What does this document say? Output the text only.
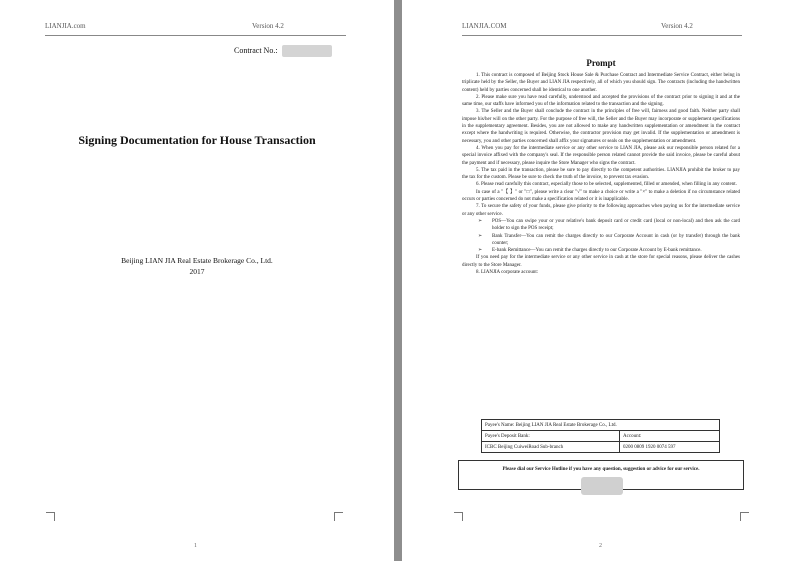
LIANJIA.com	Version 4.2
Contract No.:
Signing Documentation for House Transaction
Beijing LIAN JIA Real Estate Brokerage Co., Ltd.
2017
1
LIANJIA.COM	Version 4.2
2
Prompt

1. This contract is composed of Beijing Stock House Sale & Purchase Contract and Intermediate Service Contract, either being in triplicate held by the Seller, the Buyer and LIAN JIA respectively, all of which you should sign. The contracts (including the handwritten content) held by parties concerned shall be identical to one another.

2. Please make sure you have read carefully, understood and accepted the provisions of the contract prior to signing it and at the same time, our staffs have informed you of the information related to the transaction and the signing.

3. The Seller and the Buyer shall conclude the contract in the principles of free will, fairness and good faith. Neither party shall impose his/her will on the other party. For the purpose of free will, the Seller and the Buyer may incorporate or supplement specifications in the supplementary agreement. Besides, you are not allowed to make any handwritten supplementation or amendment in the contract except where the handwriting is required. Otherwise, the contractor provision may get invalid. If the supplementation or amendment is necessary, you and other parties concerned shall affix your signatures or seals on the supplementation or amendment.

4. When you pay for the intermediate service or any other service to LIAN JIA, please ask our responsible person related for a special invoice affixed with the company's seal. If the responsible person related cannot provide the said invoice, please be careful about the payment and if necessary, please inquire the Store Manager who signs the contract.

5. The tax paid in the transaction, please be sure to pay directly to the competent authorities. LIANJIA prohibit the broker to pay the tax for the custom. Please be sure to check the truth of the invoice, to prevent tax evasion.

6. Please read carefully this contract, especially those to be selected, supplemented, filled or amended, when filling in any content.

In case of a "【 】" or "□", please write a clear "√" to make a choice or write a "×" to make a deletion if no circumstance related occurs or parties concerned do not make a specification related or it is inapplicable.

7. To secure the safety of your funds, please give priority to the following approaches when paying us for the intermediate service or any other service.

➢ POS—You can swipe your or your relative's bank deposit card or credit card (local or non-local) and then ask the card holder to sign the POS receipt;

➢ Bank Transfer—You can remit the charges directly to our Corporate Account in cash (or by transfer) through the bank counter;

➢ E-bank Remittance—You can remit the charges directly to our Corporate Account by E-bank remittance.

If you need pay for the intermediate service or any other service in cash at the store for special reasons, please deliver the cashes directly to the Store Manager.

8. LIANJIA corporate account:

Payee's Name: Beijing LIAN JIA Real Estate Brokerage Co., Ltd.	
Payee's Deposit Bank:	Account:
ICBC Beijing CuiweiRoad Sub-branch	0200 0809 1920 0074 597
Please dial our Service Hotline if you have any question, suggestion or advice for our service.
